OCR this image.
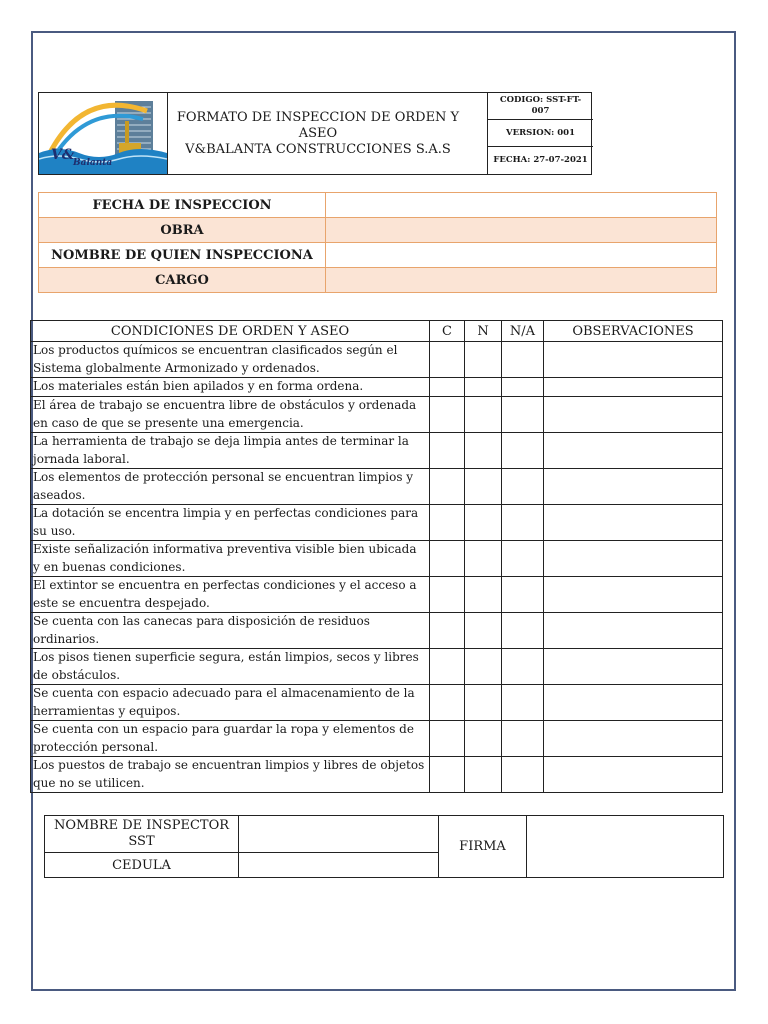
V&
Balanta
FORMATO DE INSPECCION DE ORDEN Y
ASEO
V&BALANTA CONSTRUCCIONES S.A.S
CODIGO: SST-FT-007
VERSION: 001
FECHA: 27-07-2021
FECHA DE INSPECCION	
OBRA	
NOMBRE DE QUIEN INSPECCIONA	
CARGO	
CONDICIONES DE ORDEN Y ASEO	C	N	N/A	OBSERVACIONES
Los productos químicos se encuentran clasificados según el Sistema globalmente Armonizado y ordenados.				
Los materiales están bien apilados y en forma ordena.				
El área de trabajo se encuentra libre de obstáculos y ordenada en caso de que se presente una emergencia.				
La herramienta de trabajo se deja limpia antes de terminar la jornada laboral.				
Los elementos de protección personal se encuentran limpios y aseados.				
La dotación se encentra limpia y en perfectas condiciones para su uso.				
Existe señalización informativa preventiva visible bien ubicada y en buenas condiciones.				
El extintor se encuentra en perfectas condiciones y el acceso a este se encuentra despejado.				
Se cuenta con las canecas para disposición de residuos ordinarios.				
Los pisos tienen superficie segura, están limpios, secos y libres de obstáculos.				
Se cuenta con espacio adecuado para el almacenamiento de la herramientas y equipos.				
Se cuenta con un espacio para guardar la ropa y elementos de protección personal.				
Los puestos de trabajo se encuentran limpios y libres de objetos que no se utilicen.				
NOMBRE DE INSPECTOR SST		FIRMA	
CEDULA			
